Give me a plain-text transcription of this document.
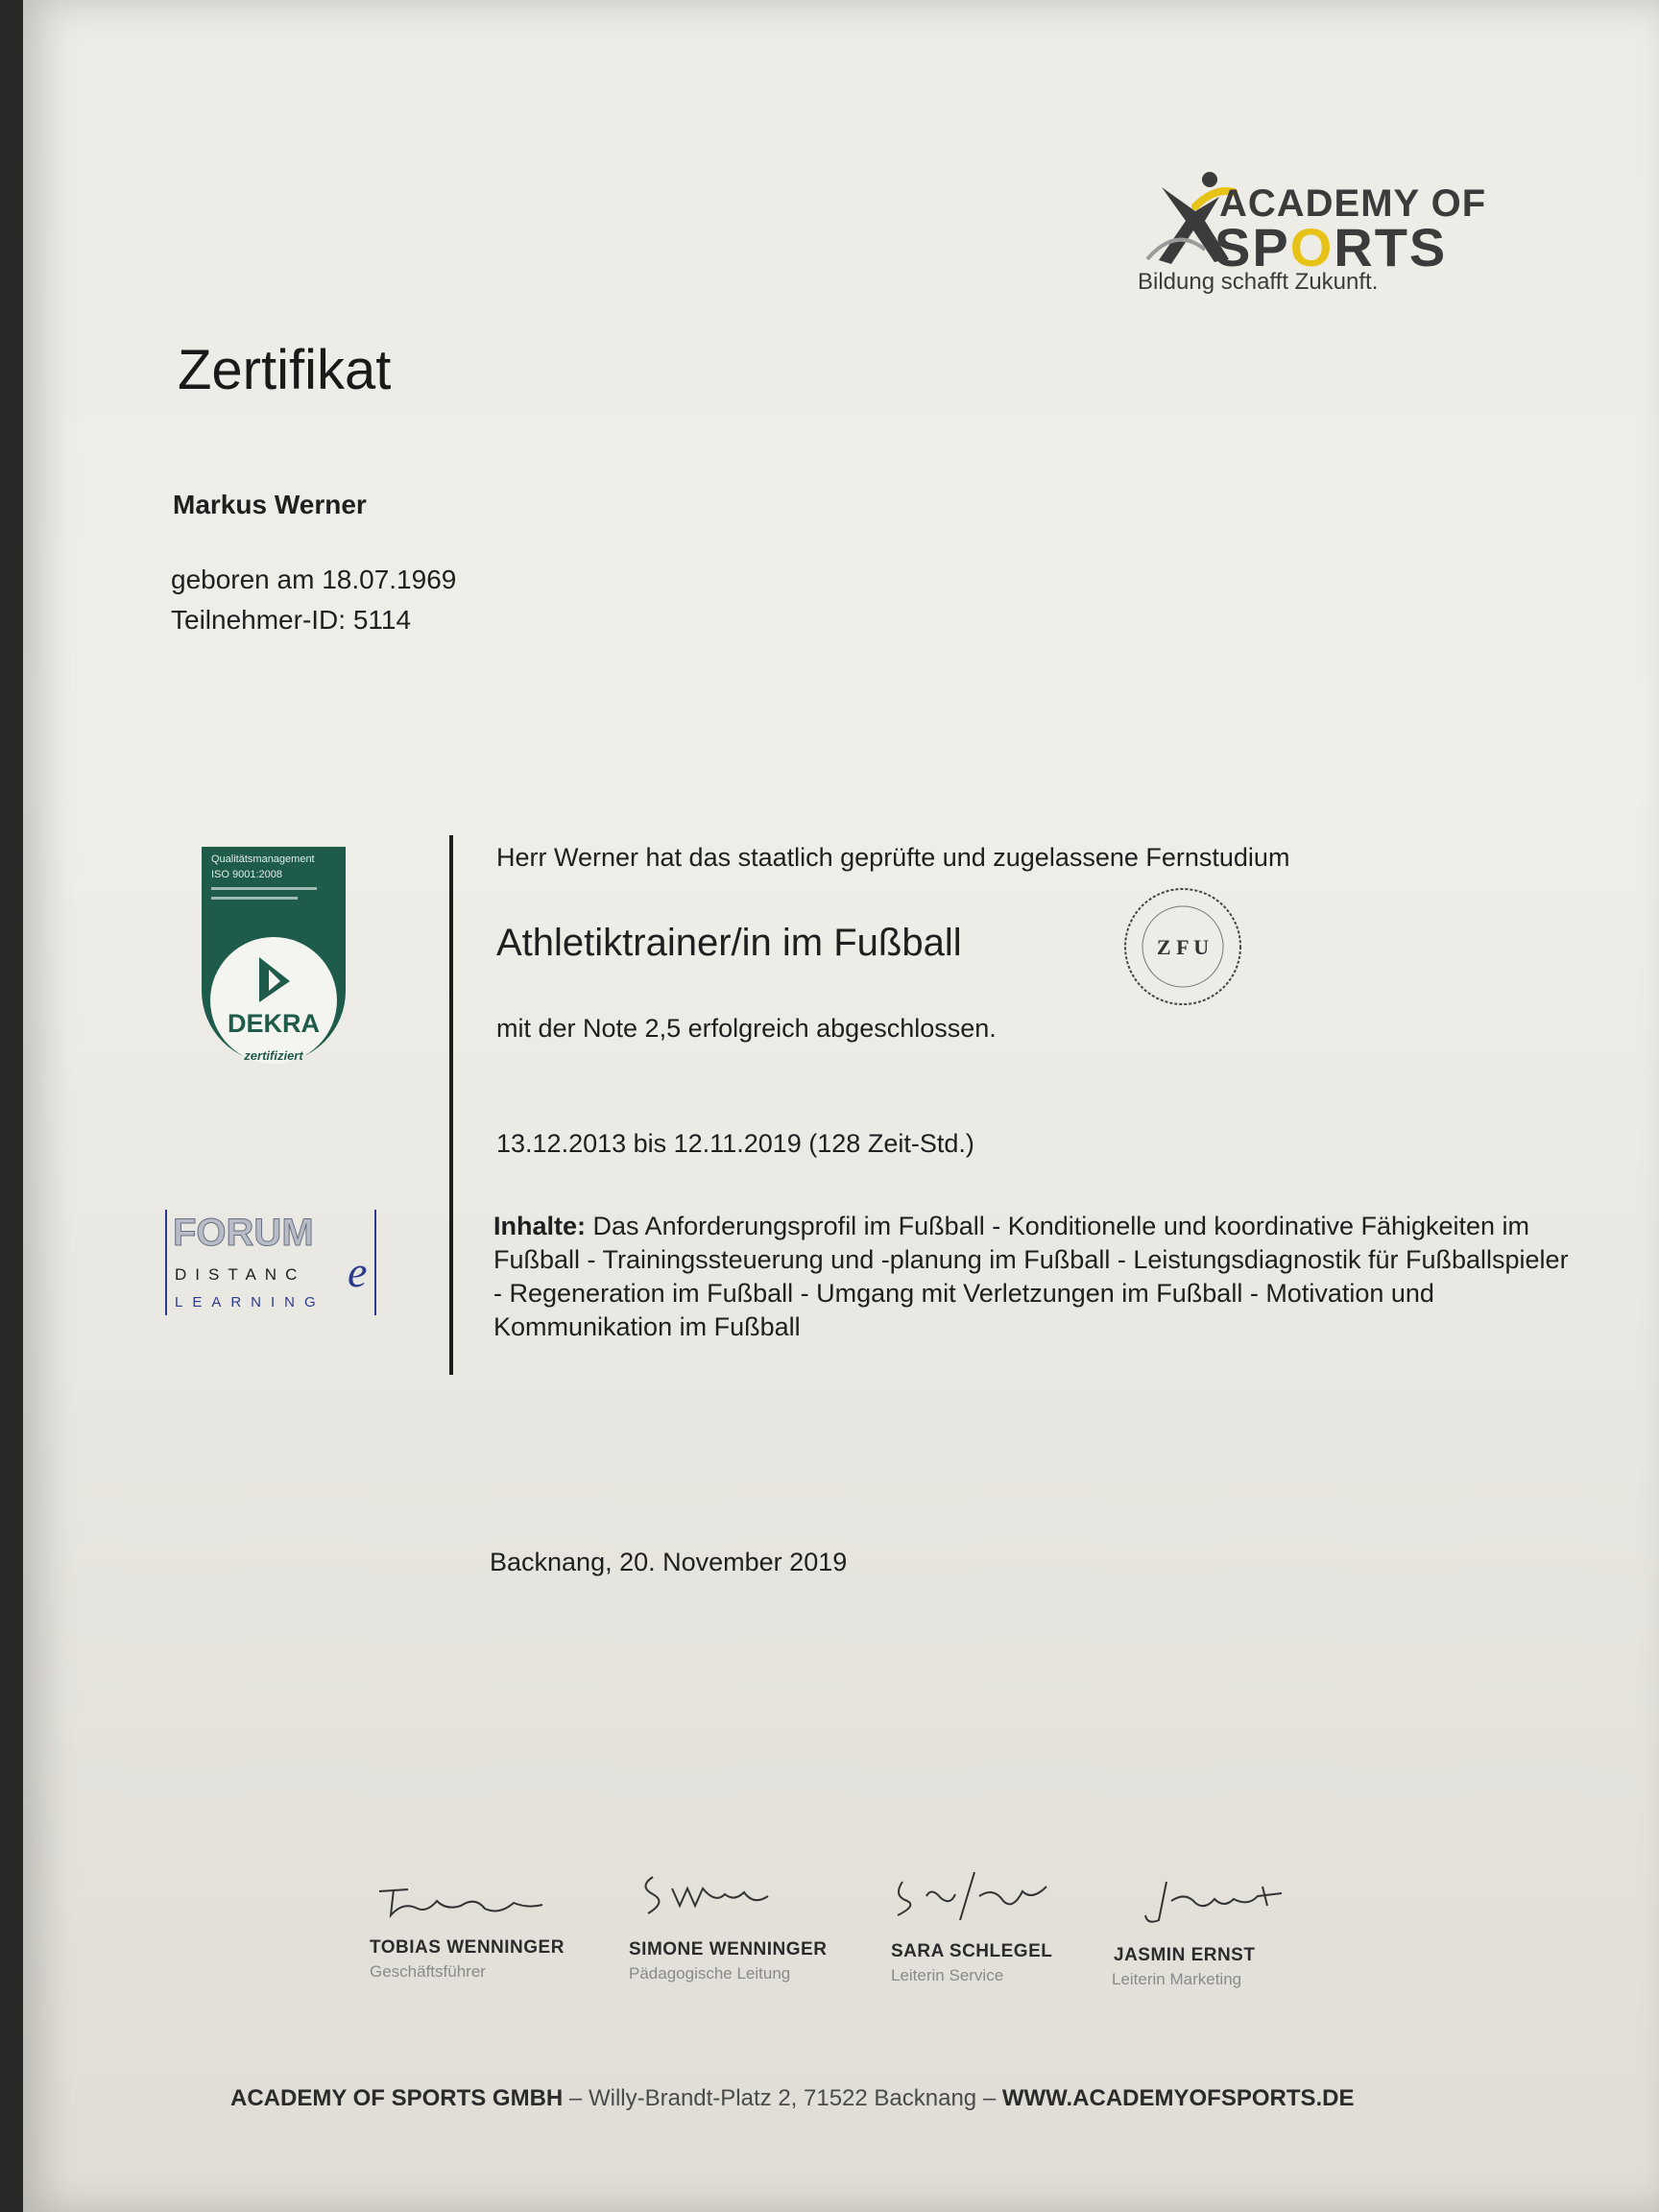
ACADEMY OF
SPORTS
Bildung schafft Zukunft.
Zertifikat
Markus Werner
geboren am 18.07.1969
Teilnehmer-ID: 5114
Qualitätsmanagement
ISO 9001:2008
DEKRA
zertifiziert
FORUM
DISTANC e
LEARNING
Herr Werner hat das staatlich geprüfte und zugelassene Fernstudium
Athletiktrainer/in im Fußball	Z F U
mit der Note 2,5 erfolgreich abgeschlossen.
13.12.2013 bis 12.11.2019 (128 Zeit-Std.)
Inhalte: Das Anforderungsprofil im Fußball - Konditionelle und koordinative Fähigkeiten im Fußball - Trainingssteuerung und -planung im Fußball - Leistungsdiagnostik für Fußballspieler - Regeneration im Fußball - Umgang mit Verletzungen im Fußball - Motivation und Kommunikation im Fußball
Backnang, 20. November 2019
TOBIAS WENNINGER
Geschäftsführer
SIMONE WENNINGER
Pädagogische Leitung
SARA SCHLEGEL
Leiterin Service
JASMIN ERNST
Leiterin Marketing
ACADEMY OF SPORTS GMBH – Willy-Brandt-Platz 2, 71522 Backnang – WWW.ACADEMYOFSPORTS.DE
